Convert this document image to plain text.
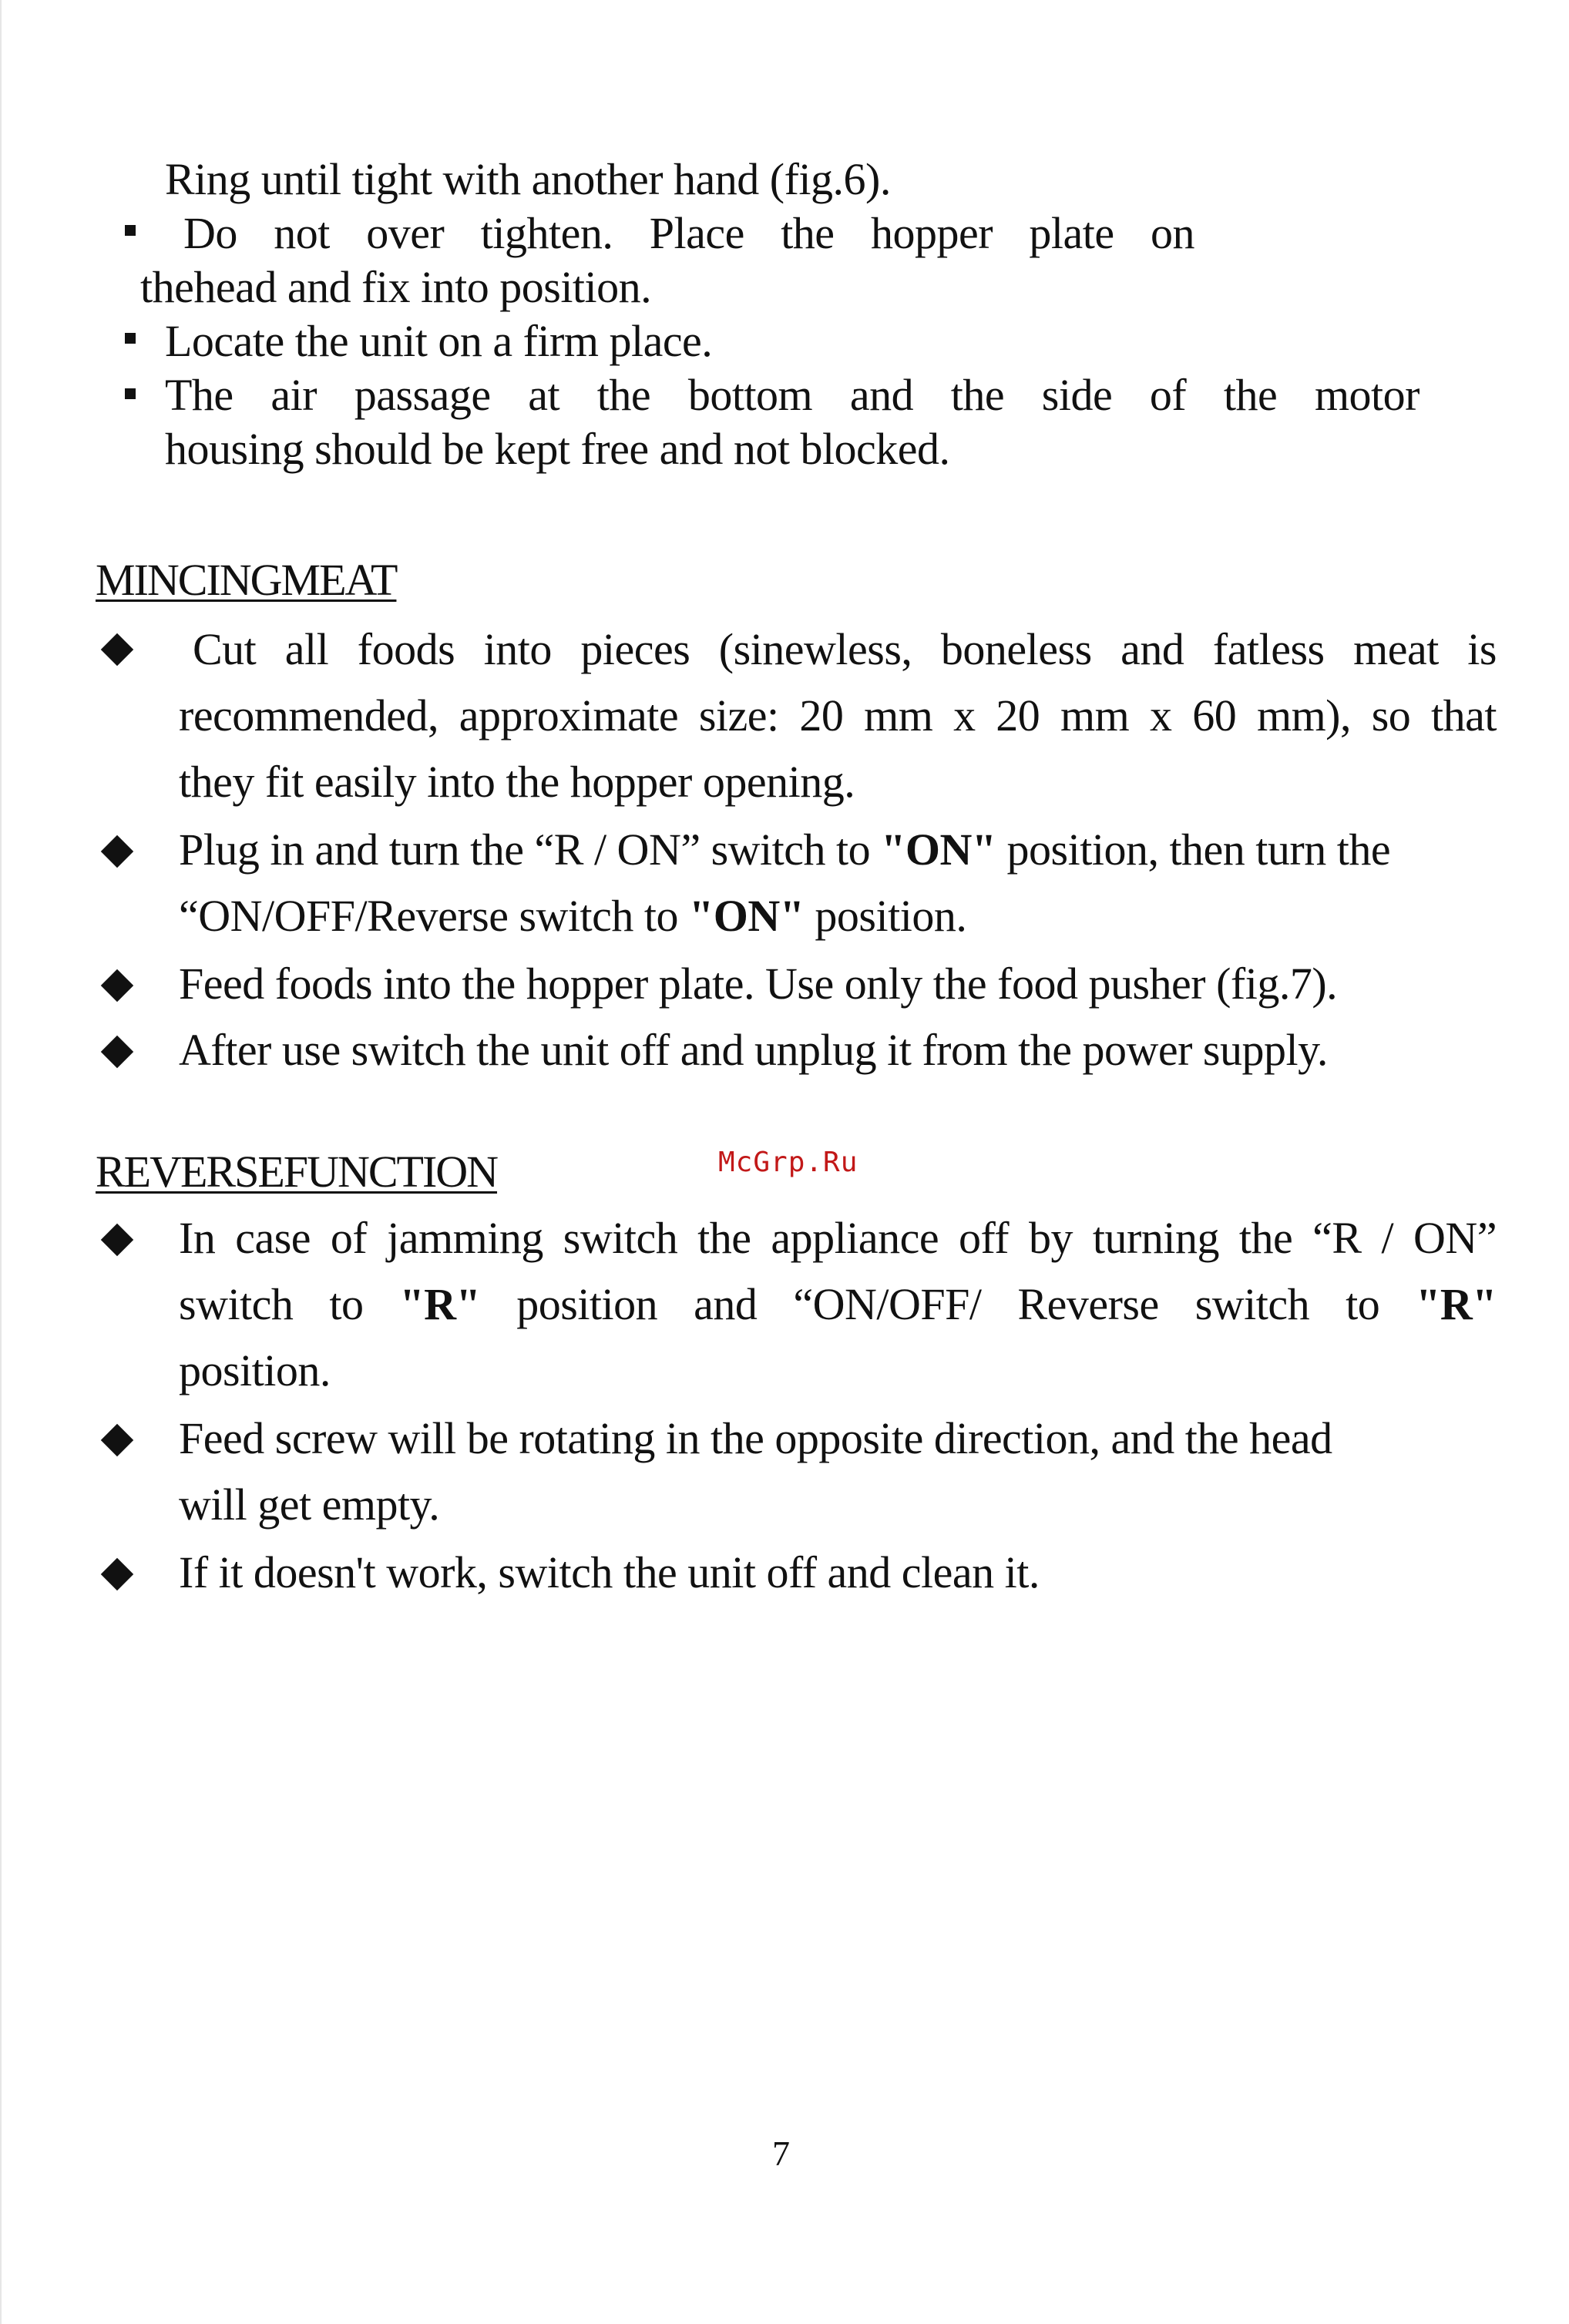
Ring until tight with another hand (fig.6).
Do not over tighten. Place the hopper plate on
thehead and fix into position.
Locate the unit on a firm place.
The air passage at the bottom and the side of the motor
housing should be kept free and not blocked.
MINCINGMEAT
Cut all foods into pieces (sinewless, boneless and fatless meat is
recommended, approximate size: 20 mm x 20 mm x 60 mm), so that
they fit easily into the hopper opening.
Plug in and turn the “R / ON” switch to "ON" position, then turn the
“ON/OFF/Reverse switch to "ON" position.
Feed foods into the hopper plate. Use only the food pusher (fig.7).
After use switch the unit off and unplug it from the power supply.
REVERSEFUNCTION	McGrp.Ru
In case of jamming switch the appliance off by turning the “R / ON”
switch to "R" position and “ON/OFF/ Reverse switch to "R"
position.
Feed screw will be rotating in the opposite direction, and the head
will get empty.
If it doesn't work, switch the unit off and clean it.
7
